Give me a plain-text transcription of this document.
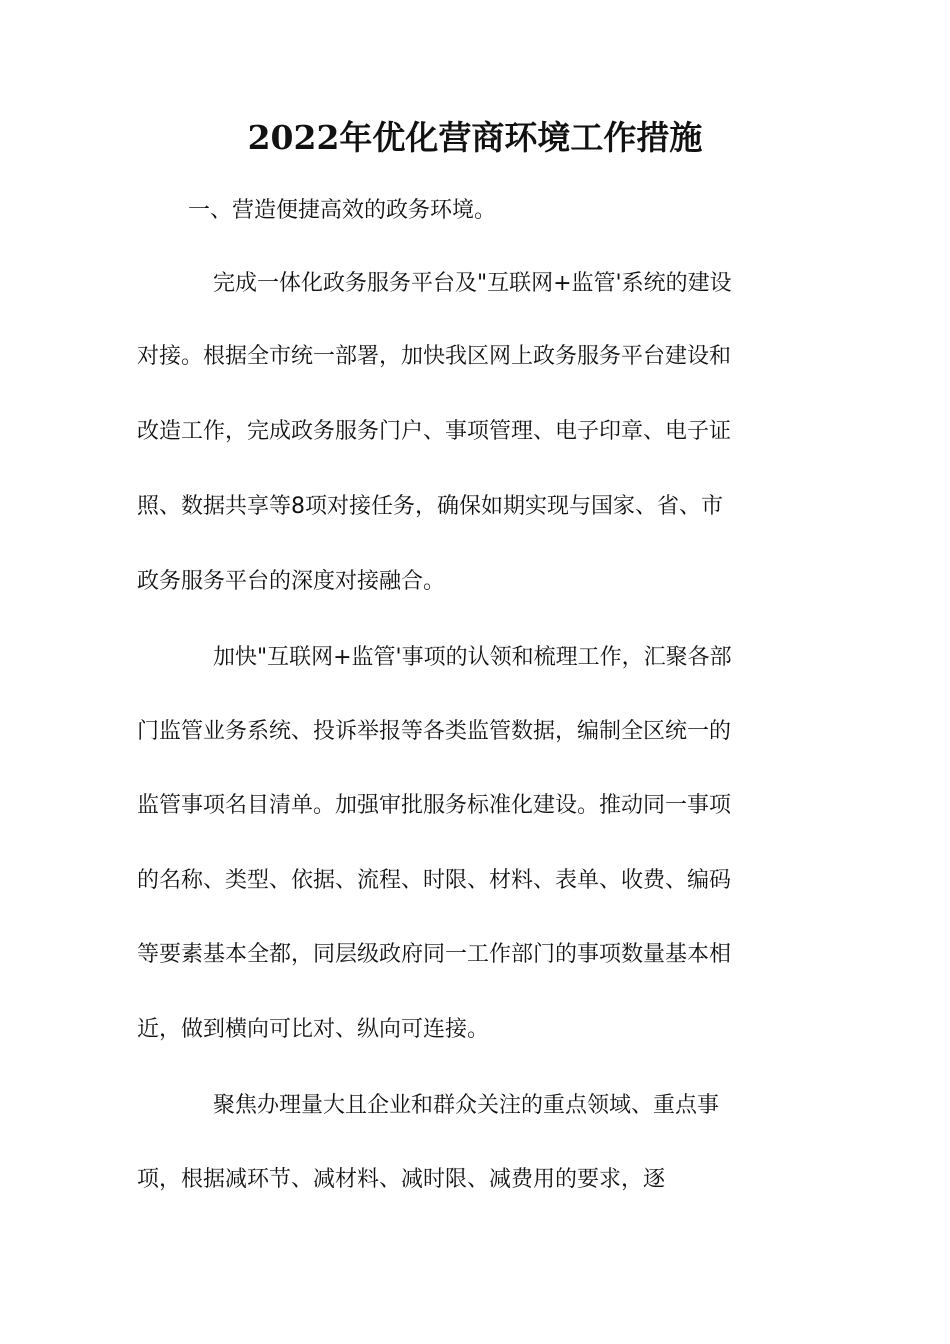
2022年优化营商环境工作措施

一、营造便捷高效的政务环境。

完成一体化政务服务平台及"互联网+监管'系统的建设
对接。根据全市统一部署，加快我区网上政务服务平台建设和
改造工作，完成政务服务门户、事项管理、电子印章、电子证
照、数据共享等8项对接任务，确保如期实现与国家、省、市
政务服务平台的深度对接融合。
加快"互联网+监管'事项的认领和梳理工作，汇聚各部
门监管业务系统、投诉举报等各类监管数据，编制全区统一的
监管事项名目清单。加强审批服务标准化建设。推动同一事项
的名称、类型、依据、流程、时限、材料、表单、收费、编码
等要素基本全都，同层级政府同一工作部门的事项数量基本相
近，做到横向可比对、纵向可连接。
聚焦办理量大且企业和群众关注的重点领域、重点事
项，根据减环节、减材料、减时限、减费用的要求，逐
